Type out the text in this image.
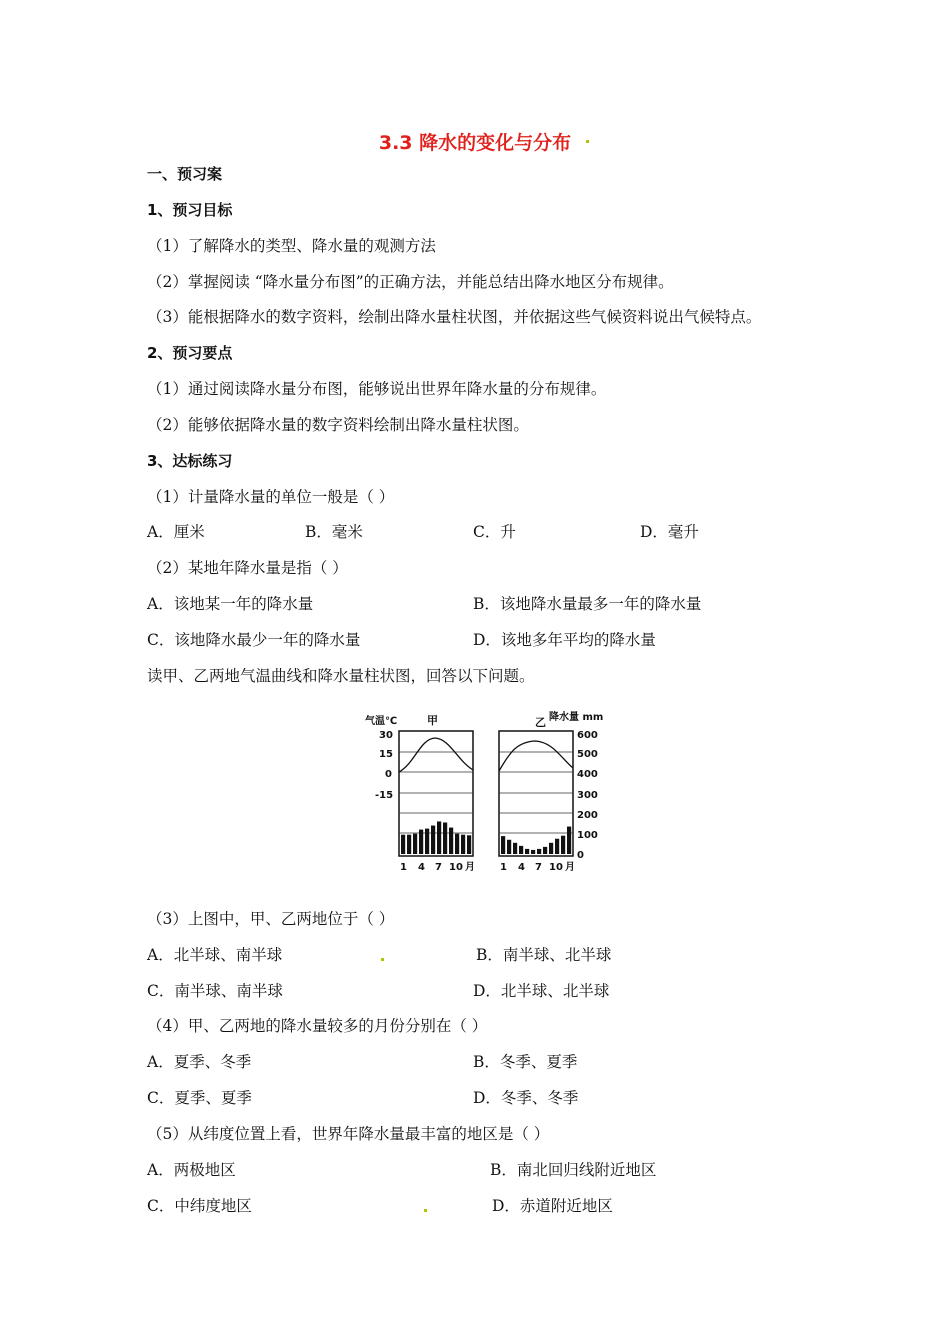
3.3 降水的变化与分布
一、预习案
1、预习目标
（1）了解降水的类型、降水量的观测方法
（2）掌握阅读 “降水量分布图”的正确方法，并能总结出降水地区分布规律。
（3）能根据降水的数字资料，绘制出降水量柱状图，并依据这些气候资料说出气候特点。
2、预习要点
（1）通过阅读降水量分布图，能够说出世界年降水量的分布规律。
（2）能够依据降水量的数字资料绘制出降水量柱状图。
3、达标练习
（1）计量降水量的单位一般是（ ）
A．厘米	B．毫米	C．升	D．毫升
（2）某地年降水量是指（ ）
A．该地某一年的降水量	B．该地降水量最多一年的降水量
C．该地降水最少一年的降水量	D．该地多年平均的降水量
读甲、乙两地气温曲线和降水量柱状图，回答以下问题。
气温℃	甲	乙 降水量 mm
30
15
0
-15
600
500
400
300
200
100
0
1 4 7 10 月	1 4 7 10 月
（3）上图中，甲、乙两地位于（ ）
A．北半球、南半球	B．南半球、北半球
C．南半球、南半球	D．北半球、北半球
（4）甲、乙两地的降水量较多的月份分别在（ ）
A．夏季、冬季	B．冬季、夏季
C．夏季、夏季	D．冬季、冬季
（5）从纬度位置上看，世界年降水量最丰富的地区是（ ）
A．两极地区	B．南北回归线附近地区
C．中纬度地区	D．赤道附近地区
